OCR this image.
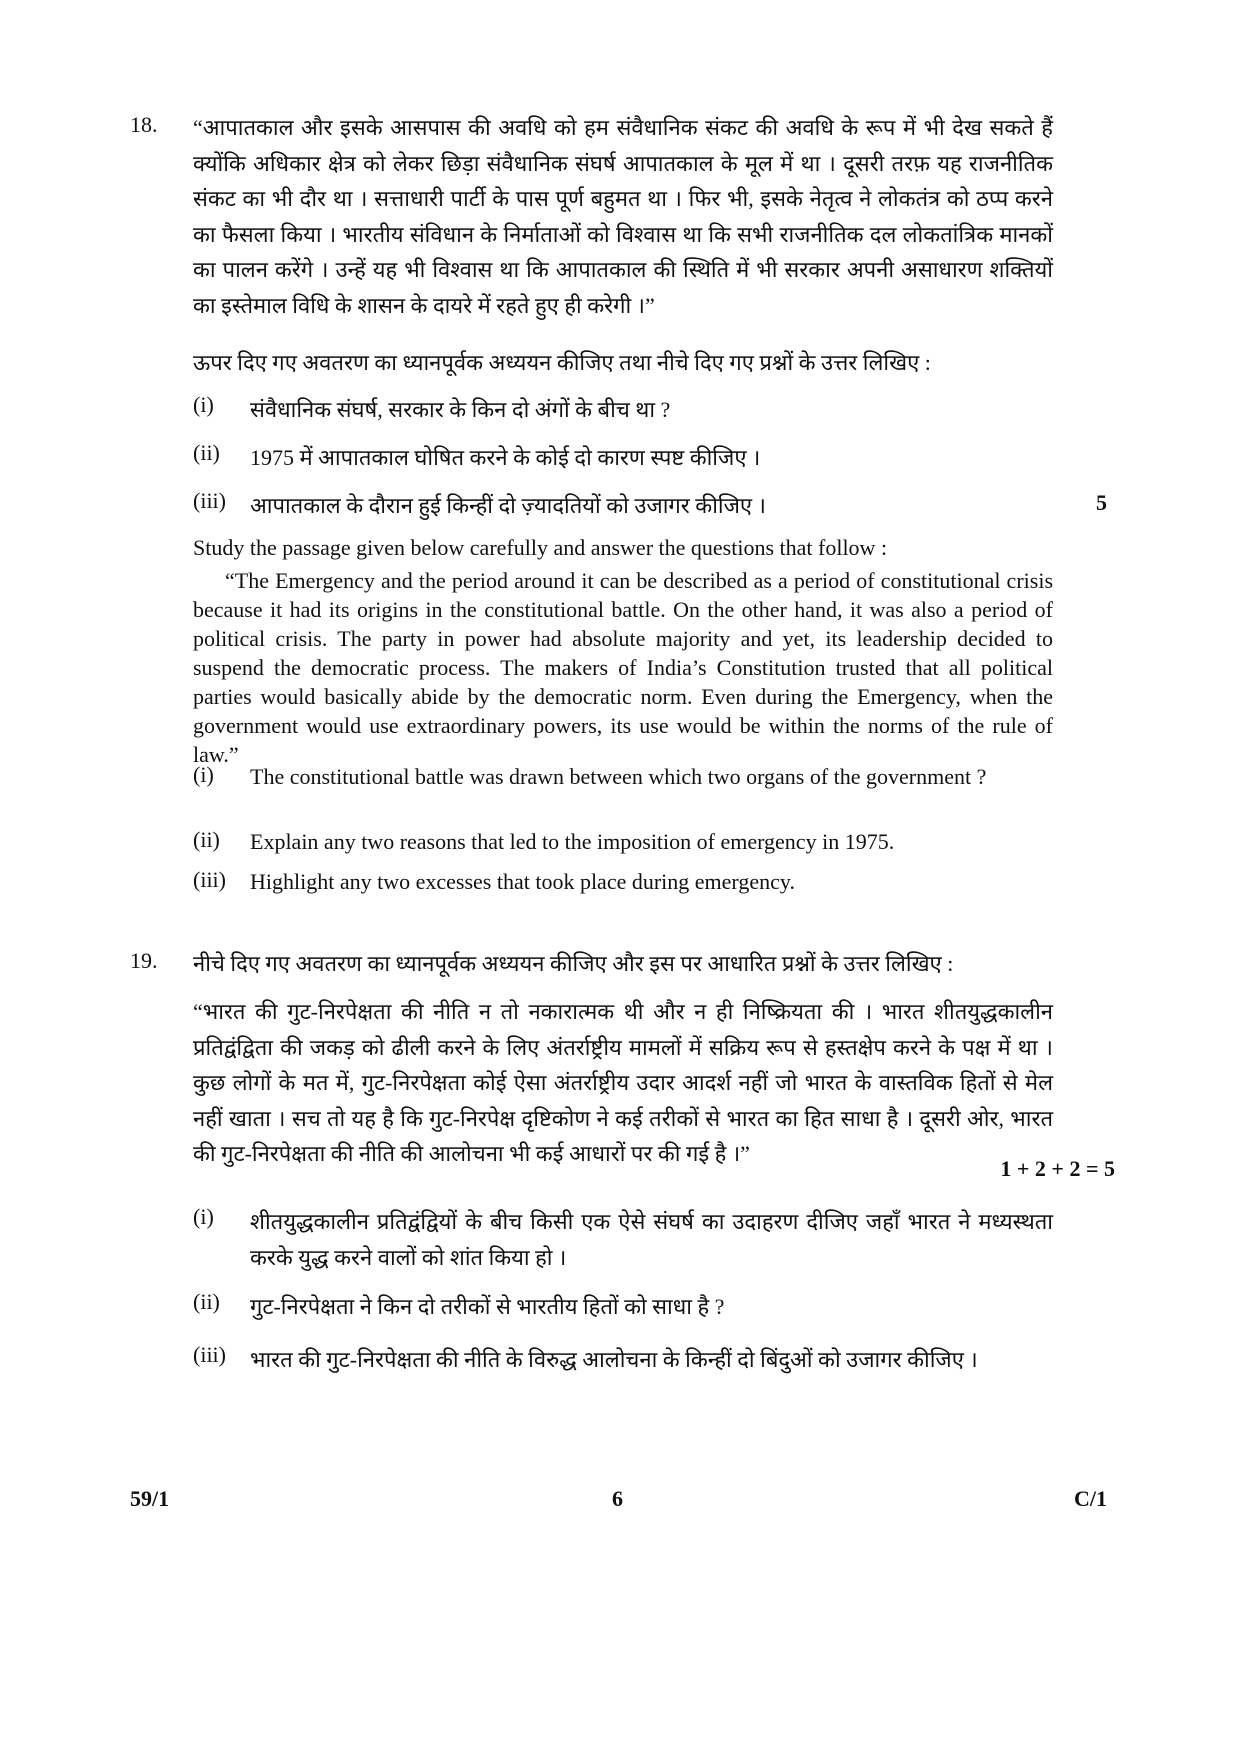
18. “आपातकाल और इसके आसपास की अवधि को हम संवैधानिक संकट की अवधि के रूप में भी देख सकते हैं क्योंकि अधिकार क्षेत्र को लेकर छिड़ा संवैधानिक संघर्ष आपातकाल के मूल में था । दूसरी तरफ़ यह राजनीतिक संकट का भी दौर था । सत्ताधारी पार्टी के पास पूर्ण बहुमत था । फिर भी, इसके नेतृत्व ने लोकतंत्र को ठप्प करने का फैसला किया । भारतीय संविधान के निर्माताओं को विश्वास था कि सभी राजनीतिक दल लोकतांत्रिक मानकों का पालन करेंगे । उन्हें यह भी विश्वास था कि आपातकाल की स्थिति में भी सरकार अपनी असाधारण शक्तियों का इस्तेमाल विधि के शासन के दायरे में रहते हुए ही करेगी ।”
ऊपर दिए गए अवतरण का ध्यानपूर्वक अध्ययन कीजिए तथा नीचे दिए गए प्रश्नों के उत्तर लिखिए :
(i) संवैधानिक संघर्ष, सरकार के किन दो अंगों के बीच था ?
(ii) 1975 में आपातकाल घोषित करने के कोई दो कारण स्पष्ट कीजिए ।
(iii) आपातकाल के दौरान हुई किन्हीं दो ज़्यादतियों को उजागर कीजिए ।	5
Study the passage given below carefully and answer the questions that follow :
“The Emergency and the period around it can be described as a period of constitutional crisis because it had its origins in the constitutional battle. On the other hand, it was also a period of political crisis. The party in power had absolute majority and yet, its leadership decided to suspend the democratic process. The makers of India’s Constitution trusted that all political parties would basically abide by the democratic norm. Even during the Emergency, when the government would use extraordinary powers, its use would be within the norms of the rule of law.”
(i) The constitutional battle was drawn between which two organs of the government ?
(ii) Explain any two reasons that led to the imposition of emergency in 1975.
(iii) Highlight any two excesses that took place during emergency.
19. नीचे दिए गए अवतरण का ध्यानपूर्वक अध्ययन कीजिए और इस पर आधारित प्रश्नों के उत्तर लिखिए :
“भारत की गुट-निरपेक्षता की नीति न तो नकारात्मक थी और न ही निष्क्रियता की । भारत शीतयुद्धकालीन प्रतिद्वंद्विता की जकड़ को ढीली करने के लिए अंतर्राष्ट्रीय मामलों में सक्रिय रूप से हस्तक्षेप करने के पक्ष में था । कुछ लोगों के मत में, गुट-निरपेक्षता कोई ऐसा अंतर्राष्ट्रीय उदार आदर्श नहीं जो भारत के वास्तविक हितों से मेल नहीं खाता । सच तो यह है कि गुट-निरपेक्ष दृष्टिकोण ने कई तरीकों से भारत का हित साधा है । दूसरी ओर, भारत की गुट-निरपेक्षता की नीति की आलोचना भी कई आधारों पर की गई है ।”
1 + 2 + 2 = 5
(i) शीतयुद्धकालीन प्रतिद्वंद्वियों के बीच किसी एक ऐसे संघर्ष का उदाहरण दीजिए जहाँ भारत ने मध्यस्थता करके युद्ध करने वालों को शांत किया हो ।
(ii) गुट-निरपेक्षता ने किन दो तरीकों से भारतीय हितों को साधा है ?
(iii) भारत की गुट-निरपेक्षता की नीति के विरुद्ध आलोचना के किन्हीं दो बिंदुओं को उजागर कीजिए ।
59/1	6	C/1
